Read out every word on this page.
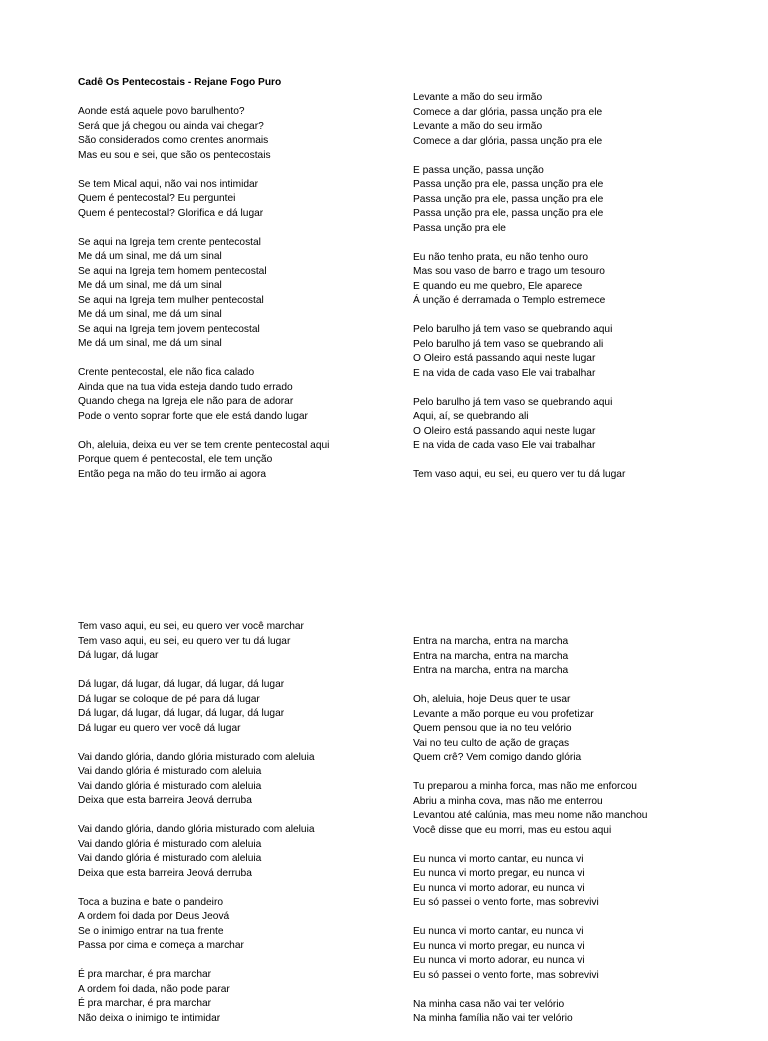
Cadê Os Pentecostais - Rejane Fogo Puro
Aonde está aquele povo barulhento?
Será que já chegou ou ainda vai chegar?
São considerados como crentes anormais
Mas eu sou e sei, que são os pentecostais
Se tem Mical aqui, não vai nos intimidar
Quem é pentecostal? Eu perguntei
Quem é pentecostal? Glorifica e dá lugar
Se aqui na Igreja tem crente pentecostal
Me dá um sinal, me dá um sinal
Se aqui na Igreja tem homem pentecostal
Me dá um sinal, me dá um sinal
Se aqui na Igreja tem mulher pentecostal
Me dá um sinal, me dá um sinal
Se aqui na Igreja tem jovem pentecostal
Me dá um sinal, me dá um sinal
Crente pentecostal, ele não fica calado
Ainda que na tua vida esteja dando tudo errado
Quando chega na Igreja ele não para de adorar
Pode o vento soprar forte que ele está dando lugar
Oh, aleluia, deixa eu ver se tem crente pentecostal aqui
Porque quem é pentecostal, ele tem unção
Então pega na mão do teu irmão ai agora
Levante a mão do seu irmão
Comece a dar glória, passa unção pra ele
Levante a mão do seu irmão
Comece a dar glória, passa unção pra ele
E passa unção, passa unção
Passa unção pra ele, passa unção pra ele
Passa unção pra ele, passa unção pra ele
Passa unção pra ele, passa unção pra ele
Passa unção pra ele
Eu não tenho prata, eu não tenho ouro
Mas sou vaso de barro e trago um tesouro
E quando eu me quebro, Ele aparece
Á unção é derramada o Templo estremece
Pelo barulho já tem vaso se quebrando aqui
Pelo barulho já tem vaso se quebrando ali
O Oleiro está passando aqui neste lugar
E na vida de cada vaso Ele vai trabalhar
Pelo barulho já tem vaso se quebrando aqui
Aqui, aí, se quebrando ali
O Oleiro está passando aqui neste lugar
E na vida de cada vaso Ele vai trabalhar
Tem vaso aqui, eu sei, eu quero ver tu dá lugar
Tem vaso aqui, eu sei, eu quero ver você marchar
Tem vaso aqui, eu sei, eu quero ver tu dá lugar
Dá lugar, dá lugar
Dá lugar, dá lugar, dá lugar, dá lugar, dá lugar
Dá lugar se coloque de pé para dá lugar
Dá lugar, dá lugar, dá lugar, dá lugar, dá lugar
Dá lugar eu quero ver você dá lugar
Vai dando glória, dando glória misturado com aleluia
Vai dando glória é misturado com aleluia
Vai dando glória é misturado com aleluia
Deixa que esta barreira Jeová derruba
Vai dando glória, dando glória misturado com aleluia
Vai dando glória é misturado com aleluia
Vai dando glória é misturado com aleluia
Deixa que esta barreira Jeová derruba
Toca a buzina e bate o pandeiro
A ordem foi dada por Deus Jeová
Se o inimigo entrar na tua frente
Passa por cima e começa a marchar
É pra marchar, é pra marchar
A ordem foi dada, não pode parar
É pra marchar, é pra marchar
Não deixa o inimigo te intimidar
Entra na marcha, entra na marcha
Entra na marcha, entra na marcha
Entra na marcha, entra na marcha
Oh, aleluia, hoje Deus quer te usar
Levante a mão porque eu vou profetizar
Quem pensou que ia no teu velório
Vai no teu culto de ação de graças
Quem crê? Vem comigo dando glória
Tu preparou a minha forca, mas não me enforcou
Abriu a minha cova, mas não me enterrou
Levantou até calúnia, mas meu nome não manchou
Você disse que eu morri, mas eu estou aqui
Eu nunca vi morto cantar, eu nunca vi
Eu nunca vi morto pregar, eu nunca vi
Eu nunca vi morto adorar, eu nunca vi
Eu só passei o vento forte, mas sobrevivi
Eu nunca vi morto cantar, eu nunca vi
Eu nunca vi morto pregar, eu nunca vi
Eu nunca vi morto adorar, eu nunca vi
Eu só passei o vento forte, mas sobrevivi
Na minha casa não vai ter velório
Na minha família não vai ter velório
